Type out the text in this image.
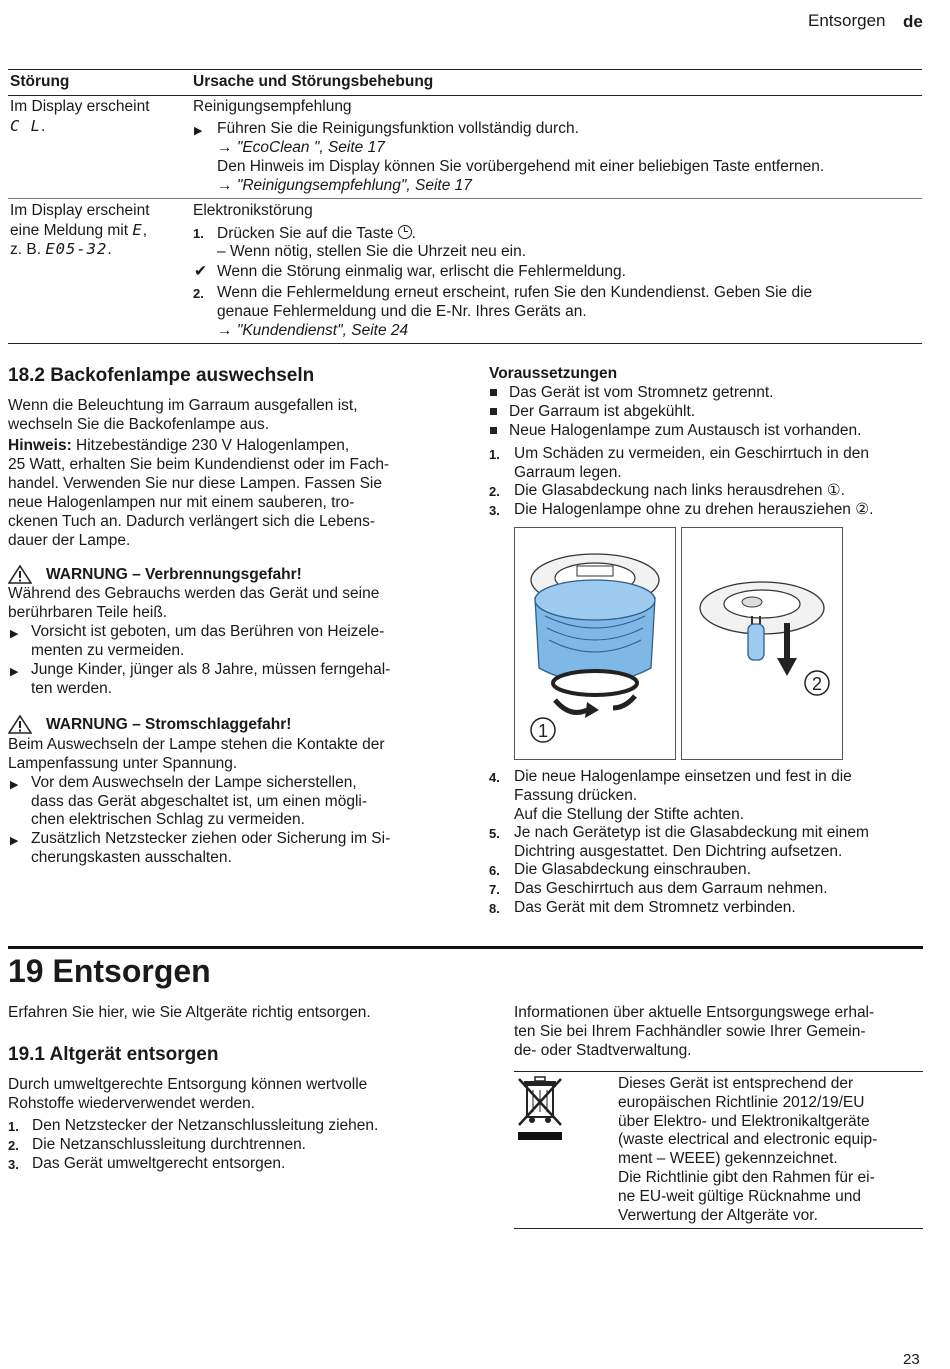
Entsorgen de
Störung	Ursache und Störungsbehebung
Im Display erscheint
C L.
Reinigungsempfehlung
▶ Führen Sie die Reinigungsfunktion vollständig durch.
→ "EcoClean ", Seite 17
Den Hinweis im Display können Sie vorübergehend mit einer beliebigen Taste entfernen.
→ "Reinigungsempfehlung", Seite 17
Im Display erscheint
eine Meldung mit E,
z. B. E05-32.
Elektronikstörung
1. Drücken Sie auf die Taste .
– Wenn nötig, stellen Sie die Uhrzeit neu ein.
✔ Wenn die Störung einmalig war, erlischt die Fehlermeldung.
2. Wenn die Fehlermeldung erneut erscheint, rufen Sie den Kundendienst. Geben Sie die
genaue Fehlermeldung und die E-Nr. Ihres Geräts an.
→ "Kundendienst", Seite 24
18.2 Backofenlampe auswechseln
Wenn die Beleuchtung im Garraum ausgefallen ist,
wechseln Sie die Backofenlampe aus.
Hinweis: Hitzebeständige 230 V Halogenlampen,
25 Watt, erhalten Sie beim Kundendienst oder im Fach-
handel. Verwenden Sie nur diese Lampen. Fassen Sie
neue Halogenlampen nur mit einem sauberen, tro-
ckenen Tuch an. Dadurch verlängert sich die Lebens-
dauer der Lampe.
WARNUNG – Verbrennungsgefahr!
Während des Gebrauchs werden das Gerät und seine
berührbaren Teile heiß.
▶ Vorsicht ist geboten, um das Berühren von Heizele-
menten zu vermeiden.
▶ Junge Kinder, jünger als 8 Jahre, müssen ferngehal-
ten werden.
WARNUNG – Stromschlaggefahr!
Beim Auswechseln der Lampe stehen die Kontakte der
Lampenfassung unter Spannung.
▶ Vor dem Auswechseln der Lampe sicherstellen,
dass das Gerät abgeschaltet ist, um einen mögli-
chen elektrischen Schlag zu vermeiden.
▶ Zusätzlich Netzstecker ziehen oder Sicherung im Si-
cherungskasten ausschalten.
Voraussetzungen
Das Gerät ist vom Stromnetz getrennt.
Der Garraum ist abgekühlt.
Neue Halogenlampe zum Austausch ist vorhanden.
1. Um Schäden zu vermeiden, ein Geschirrtuch in den
Garraum legen.
2. Die Glasabdeckung nach links herausdrehen ①.
3. Die Halogenlampe ohne zu drehen herausziehen ②.
1
2
4. Die neue Halogenlampe einsetzen und fest in die
Fassung drücken.
Auf die Stellung der Stifte achten.
5. Je nach Gerätetyp ist die Glasabdeckung mit einem
Dichtring ausgestattet. Den Dichtring aufsetzen.
6. Die Glasabdeckung einschrauben.
7. Das Geschirrtuch aus dem Garraum nehmen.
8. Das Gerät mit dem Stromnetz verbinden.
19 Entsorgen
Erfahren Sie hier, wie Sie Altgeräte richtig entsorgen.
19.1 Altgerät entsorgen
Durch umweltgerechte Entsorgung können wertvolle
Rohstoffe wiederverwendet werden.
1. Den Netzstecker der Netzanschlussleitung ziehen.
2. Die Netzanschlussleitung durchtrennen.
3. Das Gerät umweltgerecht entsorgen.
Informationen über aktuelle Entsorgungswege erhal-
ten Sie bei Ihrem Fachhändler sowie Ihrer Gemein-
de- oder Stadtverwaltung.
Dieses Gerät ist entsprechend der
europäischen Richtlinie 2012/19/EU
über Elektro- und Elektronikaltgeräte
(waste electrical and electronic equip-
ment – WEEE) gekennzeichnet.
Die Richtlinie gibt den Rahmen für ei-
ne EU-weit gültige Rücknahme und
Verwertung der Altgeräte vor.
23
